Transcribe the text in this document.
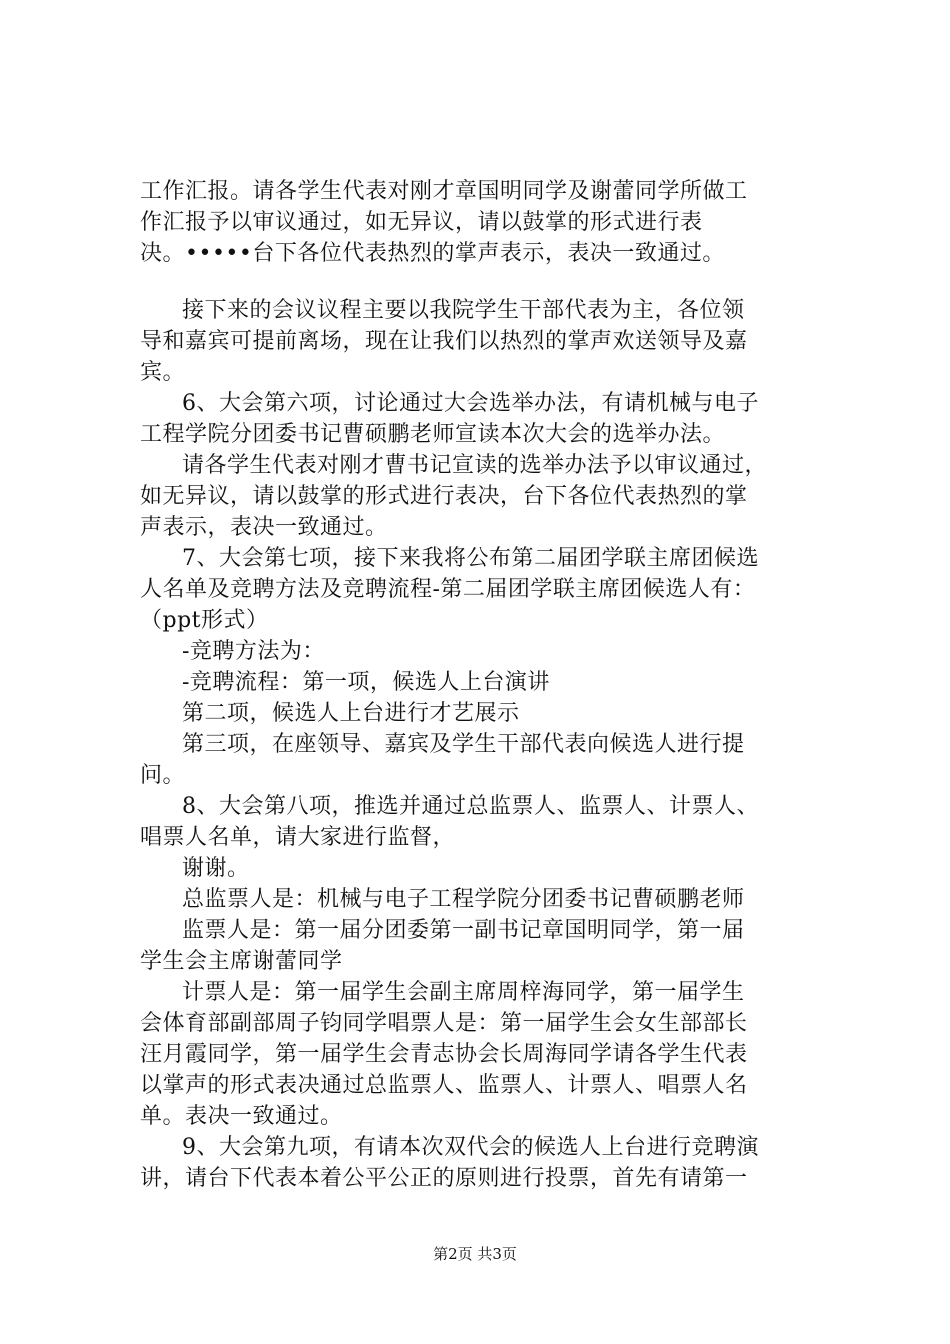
工作汇报。请各学生代表对刚才章国明同学及谢蕾同学所做工
作汇报予以审议通过，如无异议，请以鼓掌的形式进行表
决。•••••台下各位代表热烈的掌声表示，表决一致通过。
接下来的会议议程主要以我院学生干部代表为主，各位领
导和嘉宾可提前离场，现在让我们以热烈的掌声欢送领导及嘉
宾。
6、大会第六项，讨论通过大会选举办法，有请机械与电子
工程学院分团委书记曹硕鹏老师宣读本次大会的选举办法。
请各学生代表对刚才曹书记宣读的选举办法予以审议通过，
如无异议，请以鼓掌的形式进行表决，台下各位代表热烈的掌
声表示，表决一致通过。
7、大会第七项，接下来我将公布第二届团学联主席团候选
人名单及竞聘方法及竞聘流程-第二届团学联主席团候选人有：
（ppt形式）
-竞聘方法为：
-竞聘流程：第一项，候选人上台演讲
第二项，候选人上台进行才艺展示
第三项，在座领导、嘉宾及学生干部代表向候选人进行提
问。
8、大会第八项，推选并通过总监票人、监票人、计票人、
唱票人名单，请大家进行监督，
谢谢。
总监票人是：机械与电子工程学院分团委书记曹硕鹏老师
监票人是：第一届分团委第一副书记章国明同学，第一届
学生会主席谢蕾同学
计票人是：第一届学生会副主席周梓海同学，第一届学生
会体育部副部周子钧同学唱票人是：第一届学生会女生部部长
汪月霞同学，第一届学生会青志协会长周海同学请各学生代表
以掌声的形式表决通过总监票人、监票人、计票人、唱票人名
单。表决一致通过。
9、大会第九项，有请本次双代会的候选人上台进行竞聘演
讲，请台下代表本着公平公正的原则进行投票，首先有请第一
第2页 共3页
